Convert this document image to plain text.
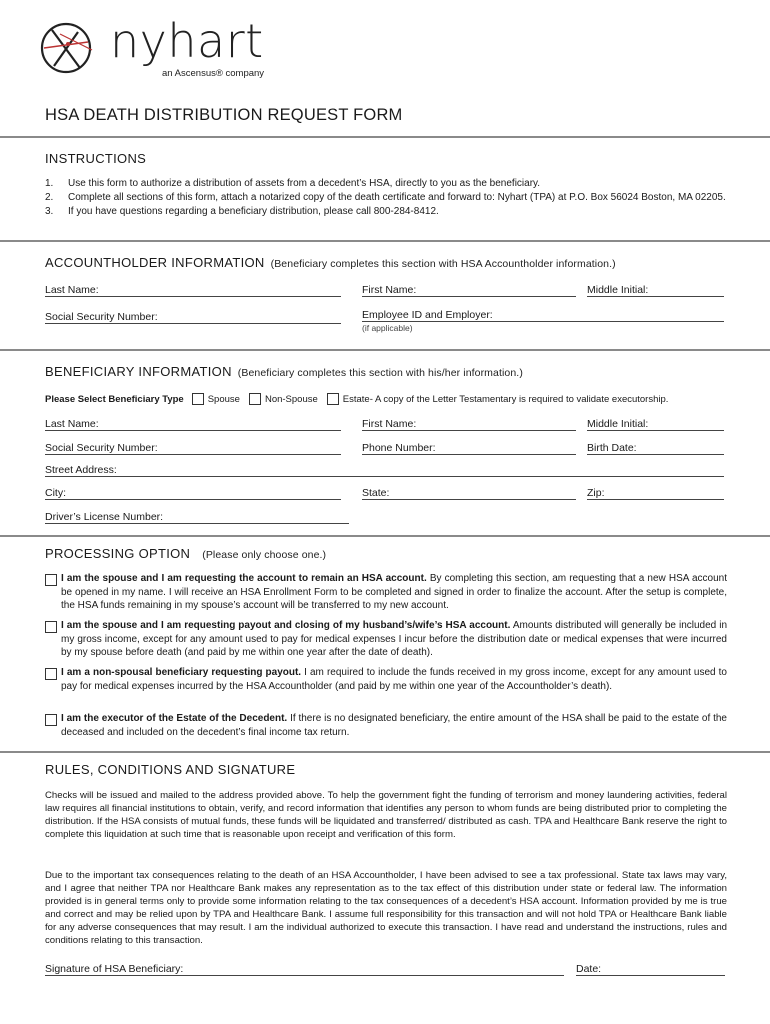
nyhart
an Ascensus® company
HSA DEATH DISTRIBUTION REQUEST FORM
INSTRUCTIONS
1.	Use this form to authorize a distribution of assets from a decedent’s HSA, directly to you as the beneficiary.
2.	Complete all sections of this form, attach a notarized copy of the death certificate and forward to: Nyhart (TPA) at P.O. Box 56024 Boston, MA 02205.
3.	If you have questions regarding a beneficiary distribution, please call 800-284-8412.
ACCOUNTHOLDER INFORMATION (Beneficiary completes this section with HSA Accountholder information.)
Last Name:	First Name:	Middle Initial:
Social Security Number:	Employee ID and Employer:
(if applicable)
BENEFICIARY INFORMATION (Beneficiary completes this section with his/her information.)
Please Select Beneficiary Type	Spouse	Non-Spouse	Estate- A copy of the Letter Testamentary is required to validate executorship.
Last Name:	First Name:	Middle Initial:
Social Security Number:	Phone Number:	Birth Date:
Street Address:
City:	State:	Zip:
Driver’s License Number:
PROCESSING OPTION (Please only choose one.)
I am the spouse and I am requesting the account to remain an HSA account. By completing this section, am requesting that a new HSA account be opened in my name. I will receive an HSA Enrollment Form to be completed and signed in order to finalize the account. After the setup is complete, the HSA funds remaining in my spouse’s account will be transferred to my new account.
I am the spouse and I am requesting payout and closing of my husband’s/wife’s HSA account. Amounts distributed will generally be included in my gross income, except for any amount used to pay for medical expenses I incur before the distribution date or medical expenses that were incurred by my spouse before death (and paid by me within one year after the date of death).
I am a non-spousal beneficiary requesting payout. I am required to include the funds received in my gross income, except for any amount used to pay for medical expenses incurred by the HSA Accountholder (and paid by me within one year of the Accountholder’s death).
I am the executor of the Estate of the Decedent. If there is no designated beneficiary, the entire amount of the HSA shall be paid to the estate of the deceased and included on the decedent’s final income tax return.
RULES, CONDITIONS AND SIGNATURE
Checks will be issued and mailed to the address provided above. To help the government fight the funding of terrorism and money laundering activities, federal law requires all financial institutions to obtain, verify, and record information that identifies any person to whom funds are being distributed prior to completing the distribution. If the HSA consists of mutual funds, these funds will be liquidated and transferred/ distributed as cash. TPA and Healthcare Bank reserve the right to complete this liquidation at such time that is reasonable upon receipt and verification of this form.
Due to the important tax consequences relating to the death of an HSA Accountholder, I have been advised to see a tax professional. State tax laws may vary, and I agree that neither TPA nor Healthcare Bank makes any representation as to the tax effect of this distribution under state or federal law. The information provided is in general terms only to provide some information relating to the tax consequences of a decedent’s HSA account. Information provided by me is true and correct and may be relied upon by TPA and Healthcare Bank. I assume full responsibility for this transaction and will not hold TPA or Healthcare Bank liable for any adverse consequences that may result. I am the individual authorized to execute this transaction. I have read and understand the instructions, rules and conditions relating to this transaction.
Signature of HSA Beneficiary:	Date:
